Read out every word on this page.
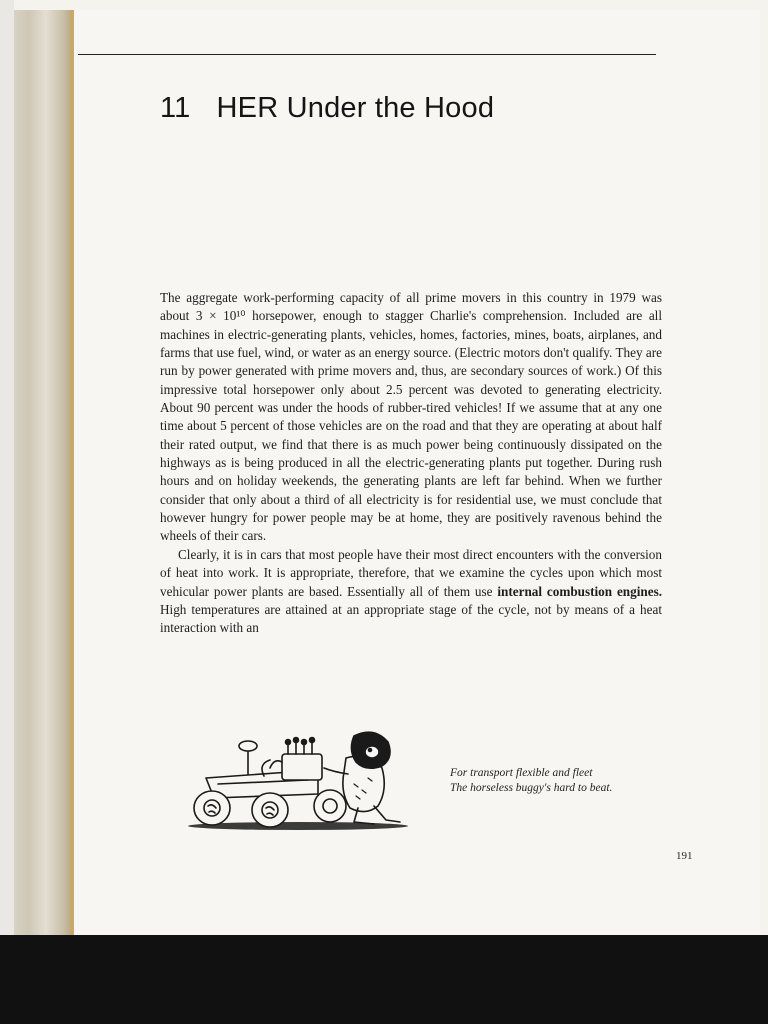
11 HER Under the Hood

The aggregate work-performing capacity of all prime movers in this country in 1979 was about 3 × 10¹⁰ horsepower, enough to stagger Charlie's comprehension. Included are all machines in electric-generating plants, vehicles, homes, factories, mines, boats, airplanes, and farms that use fuel, wind, or water as an energy source. (Electric motors don't qualify. They are run by power generated with prime movers and, thus, are secondary sources of work.) Of this impressive total horsepower only about 2.5 percent was devoted to generating electricity. About 90 percent was under the hoods of rubber-tired vehicles! If we assume that at any one time about 5 percent of those vehicles are on the road and that they are operating at about half their rated output, we find that there is as much power being continuously dissipated on the highways as is being produced in all the electric-generating plants put together. During rush hours and on holiday weekends, the generating plants are left far behind. When we further consider that only about a third of all electricity is for residential use, we must conclude that however hungry for power people may be at home, they are positively ravenous behind the wheels of their cars.

Clearly, it is in cars that most people have their most direct encounters with the conversion of heat into work. It is appropriate, therefore, that we examine the cycles upon which most vehicular power plants are based. Essentially all of them use internal combustion engines. High temperatures are attained at an appropriate stage of the cycle, not by means of a heat interaction with an

For transport flexible and fleet
The horseless buggy's hard to beat.
191
